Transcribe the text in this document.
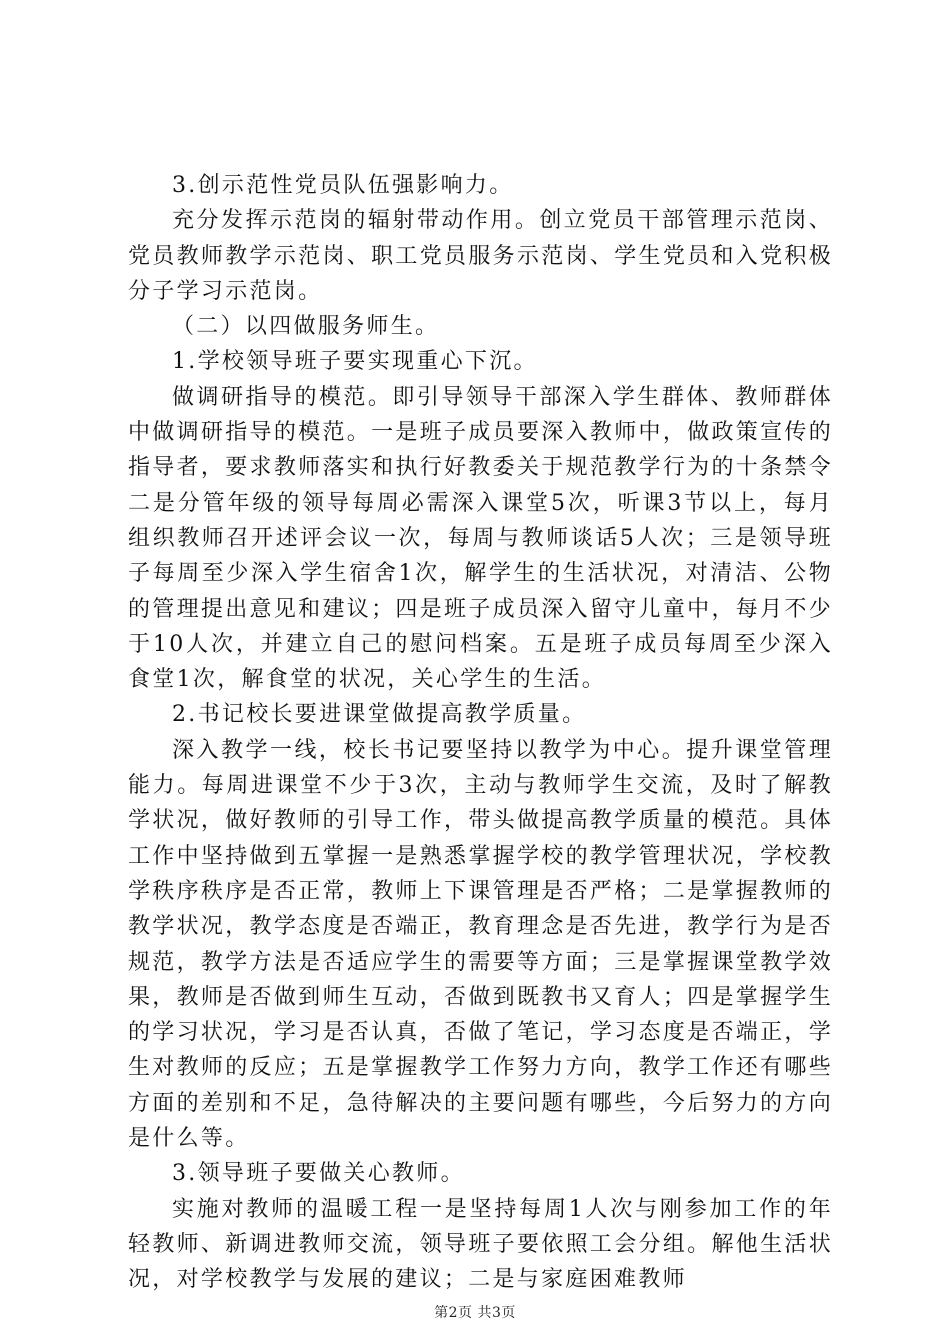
3.创示范性党员队伍强影响力。

充分发挥示范岗的辐射带动作用。创立党员干部管理示范岗、党员教师教学示范岗、职工党员服务示范岗、学生党员和入党积极分子学习示范岗。

（二）以四做服务师生。

1.学校领导班子要实现重心下沉。

做调研指导的模范。即引导领导干部深入学生群体、教师群体中做调研指导的模范。一是班子成员要深入教师中，做政策宣传的指导者，要求教师落实和执行好教委关于规范教学行为的十条禁令二是分管年级的领导每周必需深入课堂5次，听课3节以上，每月组织教师召开述评会议一次，每周与教师谈话5人次；三是领导班子每周至少深入学生宿舍1次，解学生的生活状况，对清洁、公物的管理提出意见和建议；四是班子成员深入留守儿童中，每月不少于10人次，并建立自己的慰问档案。五是班子成员每周至少深入食堂1次，解食堂的状况，关心学生的生活。

2.书记校长要进课堂做提高教学质量。

深入教学一线，校长书记要坚持以教学为中心。提升课堂管理能力。每周进课堂不少于3次，主动与教师学生交流，及时了解教学状况，做好教师的引导工作，带头做提高教学质量的模范。具体工作中坚持做到五掌握一是熟悉掌握学校的教学管理状况，学校教学秩序秩序是否正常，教师上下课管理是否严格；二是掌握教师的教学状况，教学态度是否端正，教育理念是否先进，教学行为是否规范，教学方法是否适应学生的需要等方面；三是掌握课堂教学效果，教师是否做到师生互动，否做到既教书又育人；四是掌握学生的学习状况，学习是否认真，否做了笔记，学习态度是否端正，学生对教师的反应；五是掌握教学工作努力方向，教学工作还有哪些方面的差别和不足，急待解决的主要问题有哪些，今后努力的方向是什么等。

3.领导班子要做关心教师。

实施对教师的温暖工程一是坚持每周1人次与刚参加工作的年轻教师、新调进教师交流，领导班子要依照工会分组。解他生活状况，对学校教学与发展的建议；二是与家庭困难教师

第2页 共3页
